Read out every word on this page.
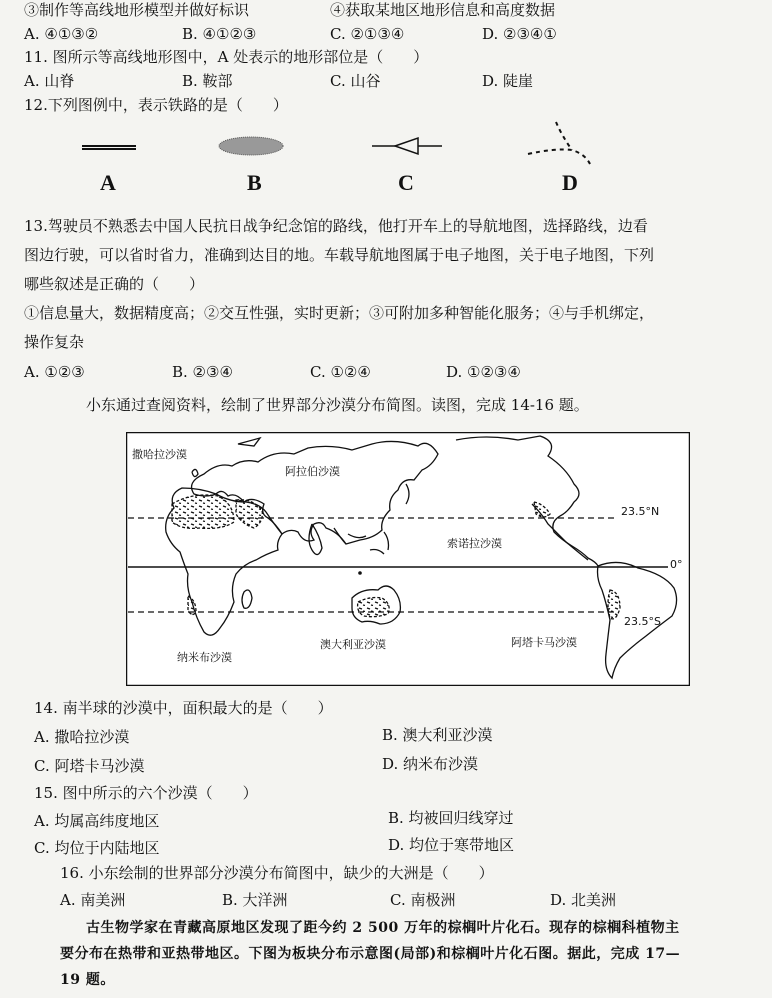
③制作等高线地形模型并做好标识	④获取某地区地形信息和高度数据
A. ④①③②	B. ④①②③	C. ②①③④	D. ②③④①
11. 图所示等高线地形图中，A 处表示的地形部位是（　　）
A. 山脊	B. 鞍部	C. 山谷	D. 陡崖
12.下列图例中，表示铁路的是（　　）
A	B	C	D
13.驾驶员不熟悉去中国人民抗日战争纪念馆的路线，他打开车上的导航地图，选择路线，边看
图边行驶，可以省时省力，准确到达目的地。车载导航地图属于电子地图，关于电子地图，下列
哪些叙述是正确的（　　）
①信息量大，数据精度高；②交互性强，实时更新；③可附加多种智能化服务；④与手机绑定，
操作复杂
A. ①②③	B. ②③④	C. ①②④	D. ①②③④
小东通过查阅资料，绘制了世界部分沙漠分布简图。读图，完成 14-16 题。
撒哈拉沙漠
阿拉伯沙漠
索诺拉沙漠
纳米布沙漠
澳大利亚沙漠	阿塔卡马沙漠
23.5°N
0°
23.5°S
14. 南半球的沙漠中，面积最大的是（　　）
A. 撒哈拉沙漠	B. 澳大利亚沙漠
C. 阿塔卡马沙漠	D. 纳米布沙漠
15. 图中所示的六个沙漠（　　）
A. 均属高纬度地区	B. 均被回归线穿过
C. 均位于内陆地区	D. 均位于寒带地区
16. 小东绘制的世界部分沙漠分布简图中，缺少的大洲是（　　）
A. 南美洲	B. 大洋洲	C. 南极洲	D. 北美洲
古生物学家在青藏高原地区发现了距今约 2 500 万年的棕榈叶片化石。现存的棕榈科植物主
要分布在热带和亚热带地区。下图为板块分布示意图(局部)和棕榈叶片化石图。据此，完成 17—
19 题。
